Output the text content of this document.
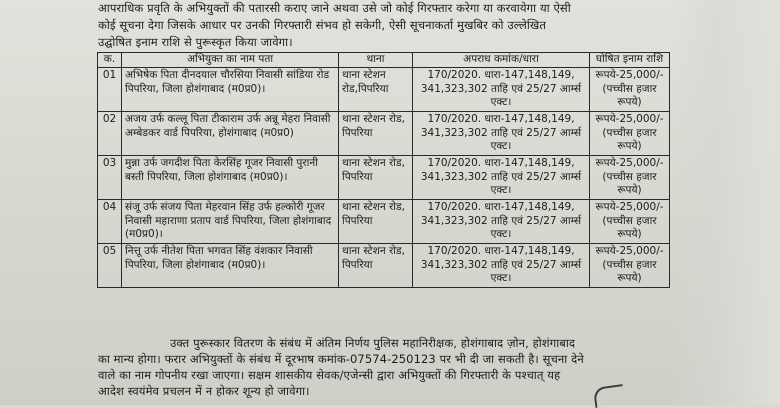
आपराधिक प्रवृति के अभियुक्तों की पतारसी कराए जाने अथवा उसे जो कोई गिरफ्तार करेगा या करवायेगा या ऐसी
कोई सूचना देगा जिसके आधार पर उनकी गिरफ्तारी संभव हो सकेगी, ऐसी सूचनाकर्ता मुखबिर को उल्लेखित
उद्घोषित इनाम राशि से पुरूस्कृत किया जावेगा।
क.	अभियुक्त का नाम पता	थाना	अपराध कमांक/धारा	घोषित इनाम राशि
01	अभिषेक पिता दीनदयाल चौरसिया निवासी सांडिया रोड पिपरिया, जिला होशंगाबाद (म0प्र0)।	थाना स्टेशन रोड,पिपरिया	170/2020. धारा-147,148,149, 341,323,302 ताहि एवं 25/27 आर्म्स एक्ट।	रूपये-25,000/- (पच्चीस हजार रूपये)
02	अजय उर्फ कल्लू पिता टीकाराम उर्फ अन्नू मेहरा निवासी अम्बेडकर वार्ड पिपरिया, होशंगाबाद (म0प्र0)	थाना स्टेशन रोड, पिपरिया	170/2020. धारा-147,148,149, 341,323,302 ताहि एवं 25/27 आर्म्स एक्ट।	रूपये-25,000/- (पच्चीस हजार रूपये)
03	मुन्ना उर्फ जगदीश पिता केरसिंह गूजर निवासी पुरानी बस्ती पिपरिया, जिला होशंगाबाद (म0प्र0)।	थाना स्टेशन रोड, पिपरिया	170/2020. धारा-147,148,149, 341,323,302 ताहि एवं 25/27 आर्म्स एक्ट।	रूपये-25,000/- (पच्चीस हजार रूपये)
04	संजू उर्फ संजय पिता मेहरवान सिंह उर्फ हल्कोरी गूजर निवासी महाराणा प्रताप वार्ड पिपरिया, जिला होशंगाबाद (म0प्र0)।	थाना स्टेशन रोड, पिपरिया	170/2020. धारा-147,148,149, 341,323,302 ताहि एवं 25/27 आर्म्स एक्ट।	रूपये-25,000/- (पच्चीस हजार रूपये)
05	नित्तू उर्फ नीतेश पिता भगवत सिंह वंशकार निवासी पिपरिया, जिला होशंगाबाद (म0प्र0)।	थाना स्टेशन रोड, पिपरिया	170/2020. धारा-147,148,149, 341,323,302 ताहि एवं 25/27 आर्म्स एक्ट।	रूपये-25,000/- (पच्चीस हजार रूपये)
उक्त पुरूस्कार वितरण के संबंध में अंतिम निर्णय पुलिस महानिरीक्षक, होशंगाबाद ज़ोन, होशंगाबाद
का मान्य होगा। फरार अभियुक्तों के संबंध में दूरभाष कमांक-07574-250123 पर भी दी जा सकती है। सूचना देने
वाले का नाम गोपनीय रखा जाएगा। सक्षम शासकीय सेवक/एजेन्सी द्वारा अभियुक्तों की गिरफ्तारी के पश्चात् यह
आदेश स्वयंमेव प्रचलन में न होकर शून्य हो जावेगा।
